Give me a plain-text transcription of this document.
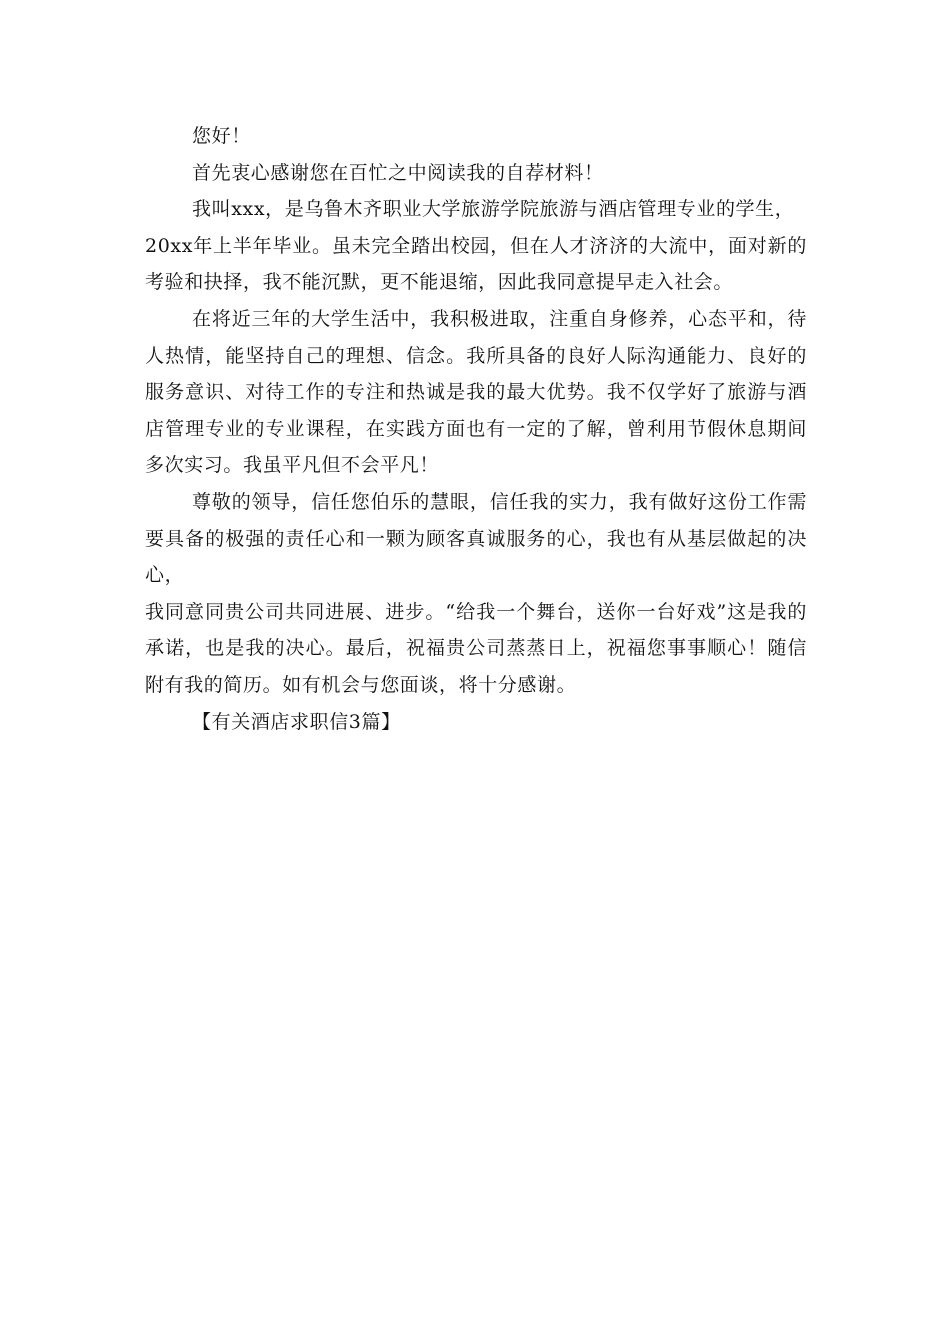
您好！

首先衷心感谢您在百忙之中阅读我的自荐材料！

我叫xxx，是乌鲁木齐职业大学旅游学院旅游与酒店管理专业的学生，
20xx年上半年毕业。虽未完全踏出校园，但在人才济济的大流中，面对新的考验和抉择，我不能沉默，更不能退缩，因此我同意提早走入社会。

在将近三年的大学生活中，我积极进取，注重自身修养，心态平和，待人热情，能坚持自己的理想、信念。我所具备的良好人际沟通能力、良好的服务意识、对待工作的专注和热诚是我的最大优势。我不仅学好了旅游与酒店管理专业的专业课程，在实践方面也有一定的了解，曾利用节假休息期间多次实习。我虽平凡但不会平凡！

尊敬的领导，信任您伯乐的慧眼，信任我的实力，我有做好这份工作需要具备的极强的责任心和一颗为顾客真诚服务的心，我也有从基层做起的决心，
我同意同贵公司共同进展、进步。“给我一个舞台，送你一台好戏”这是我的承诺，也是我的决心。最后，祝福贵公司蒸蒸日上，祝福您事事顺心！随信附有我的简历。如有机会与您面谈，将十分感谢。

【有关酒店求职信3篇】
